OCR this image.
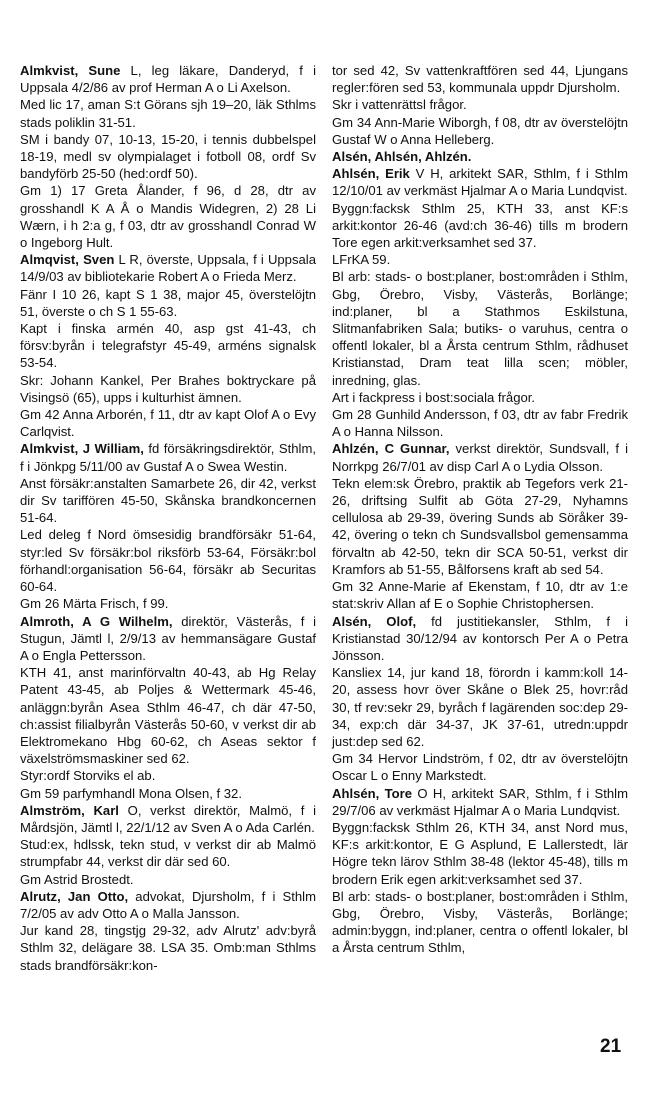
Almkvist, Sune L, leg läkare, Danderyd, f i Uppsala 4/2/86 av prof Herman A o Li Axelson.
Med lic 17, aman S:t Görans sjh 19–20, läk Sthlms stads poliklin 31-51.
SM i bandy 07, 10-13, 15-20, i tennis dubbelspel 18-19, medl sv olympialaget i fotboll 08, ordf Sv bandyförb 25-50 (hed:ordf 50).
Gm 1) 17 Greta Ålander, f 96, d 28, dtr av grosshandl K A Å o Mandis Widegren, 2) 28 Li Wærn, i h 2:a g, f 03, dtr av grosshandl Conrad W o Ingeborg Hult.
Almqvist, Sven L R, överste, Uppsala, f i Uppsala 14/9/03 av bibliotekarie Robert A o Frieda Merz.
Fänr I 10 26, kapt S 1 38, major 45, överstelöjtn 51, överste o ch S 1 55-63.
Kapt i finska armén 40, asp gst 41-43, ch försv:byrån i telegrafstyr 45-49, arméns signalsk 53-54.
Skr: Johann Kankel, Per Brahes boktryckare på Visingsö (65), upps i kulturhist ämnen.
Gm 42 Anna Arborén, f 11, dtr av kapt Olof A o Evy Carlqvist.
Almkvist, J William, fd försäkringsdirektör, Sthlm, f i Jönkpg 5/11/00 av Gustaf A o Swea Westin.
Anst försäkr:anstalten Samarbete 26, dir 42, verkst dir Sv tariffören 45-50, Skånska brandkoncernen 51-64.
Led deleg f Nord ömsesidig brandförsäkr 51-64, styr:led Sv försäkr:bol riksförb 53-64, Försäkr:bol förhandl:organisation 56-64, försäkr ab Securitas 60-64.
Gm 26 Märta Frisch, f 99.
Almroth, A G Wilhelm, direktör, Västerås, f i Stugun, Jämtl l, 2/9/13 av hemmansägare Gustaf A o Engla Pettersson.
KTH 41, anst marinförvaltn 40-43, ab Hg Relay Patent 43-45, ab Poljes & Wettermark 45-46, anläggn:byrån Asea Sthlm 46-47, ch där 47-50, ch:assist filialbyrån Västerås 50-60, v verkst dir ab Elektromekano Hbg 60-62, ch Aseas sektor f växelströmsmaskiner sed 62.
Styr:ordf Storviks el ab.
Gm 59 parfymhandl Mona Olsen, f 32.
Almström, Karl O, verkst direktör, Malmö, f i Mårdsjön, Jämtl l, 22/1/12 av Sven A o Ada Carlén.
Stud:ex, hdlssk, tekn stud, v verkst dir ab Malmö strumpfabr 44, verkst dir där sed 60.
Gm Astrid Brostedt.
Alrutz, Jan Otto, advokat, Djursholm, f i Sthlm 7/2/05 av adv Otto A o Malla Jansson.
Jur kand 28, tingstjg 29-32, adv Alrutz' adv:byrå Sthlm 32, delägare 38. LSA 35. Omb:man Sthlms stads brandförsäkr:kon-
tor sed 42, Sv vattenkraftfören sed 44, Ljungans regler:fören sed 53, kommunala uppdr Djursholm.
Skr i vattenrättsl frågor.
Gm 34 Ann-Marie Wiborgh, f 08, dtr av överstelöjtn Gustaf W o Anna Helleberg.
Alsén, Ahlsén, Ahlzén.
Ahlsén, Erik V H, arkitekt SAR, Sthlm, f i Sthlm 12/10/01 av verkmäst Hjalmar A o Maria Lundqvist.
Byggn:facksk Sthlm 25, KTH 33, anst KF:s arkit:kontor 26-46 (avd:ch 36-46) tills m brodern Tore egen arkit:verksamhet sed 37.
LFrKA 59.
Bl arb: stads- o bost:planer, bost:områden i Sthlm, Gbg, Örebro, Visby, Västerås, Borlänge; ind:planer, bl a Stathmos Eskilstuna, Slitmanfabriken Sala; butiks- o varuhus, centra o offentl lokaler, bl a Årsta centrum Sthlm, rådhuset Kristianstad, Dram teat lilla scen; möbler, inredning, glas.
Art i fackpress i bost:sociala frågor.
Gm 28 Gunhild Andersson, f 03, dtr av fabr Fredrik A o Hanna Nilsson.
Ahlzén, C Gunnar, verkst direktör, Sundsvall, f i Norrkpg 26/7/01 av disp Carl A o Lydia Olsson.
Tekn elem:sk Örebro, praktik ab Tegefors verk 21-26, driftsing Sulfit ab Göta 27-29, Nyhamns cellulosa ab 29-39, övering Sunds ab Söråker 39-42, övering o tekn ch Sundsvallsbol gemensamma förvaltn ab 42-50, tekn dir SCA 50-51, verkst dir Kramfors ab 51-55, Bålforsens kraft ab sed 54.
Gm 32 Anne-Marie af Ekenstam, f 10, dtr av 1:e stat:skriv Allan af E o Sophie Christophersen.
Alsén, Olof, fd justitiekansler, Sthlm, f i Kristianstad 30/12/94 av kontorsch Per A o Petra Jönsson.
Kansliex 14, jur kand 18, förordn i kamm:koll 14-20, assess hovr över Skåne o Blek 25, hovr:råd 30, tf rev:sekr 29, byråch f lagärenden soc:dep 29-34, exp:ch där 34-37, JK 37-61, utredn:uppdr just:dep sed 62.
Gm 34 Hervor Lindström, f 02, dtr av överstelöjtn Oscar L o Enny Markstedt.
Ahlsén, Tore O H, arkitekt SAR, Sthlm, f i Sthlm 29/7/06 av verkmäst Hjalmar A o Maria Lundqvist.
Byggn:facksk Sthlm 26, KTH 34, anst Nord mus, KF:s arkit:kontor, E G Asplund, E Lallerstedt, lär Högre tekn lärov Sthlm 38-48 (lektor 45-48), tills m brodern Erik egen arkit:verksamhet sed 37.
Bl arb: stads- o bost:planer, bost:områden i Sthlm, Gbg, Örebro, Visby, Västerås, Borlänge; admin:byggn, ind:planer, centra o offentl lokaler, bl a Årsta centrum Sthlm,
21
